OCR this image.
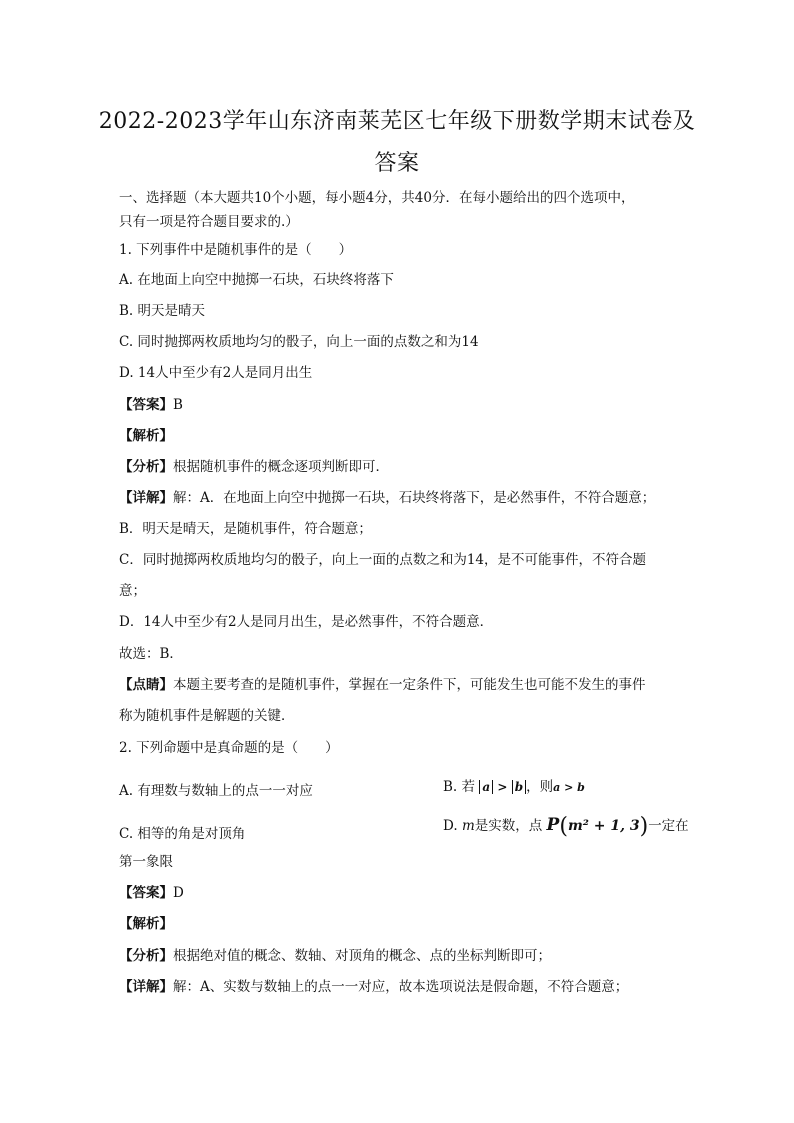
2022-2023学年山东济南莱芜区七年级下册数学期末试卷及
答案
一、选择题（本大题共10个小题，每小题4分，共40分．在每小题给出的四个选项中，
只有一项是符合题目要求的.）
1. 下列事件中是随机事件的是（　　）
A. 在地面上向空中抛掷一石块，石块终将落下
B. 明天是晴天
C. 同时抛掷两枚质地均匀的骰子，向上一面的点数之和为14
D. 14人中至少有2人是同月出生
【答案】B
【解析】
【分析】根据随机事件的概念逐项判断即可．
【详解】解：A．在地面上向空中抛掷一石块，石块终将落下，是必然事件，不符合题意；
B．明天是晴天，是随机事件，符合题意；
C．同时抛掷两枚质地均匀的骰子，向上一面的点数之和为14，是不可能事件，不符合题
意；
D．14人中至少有2人是同月出生，是必然事件，不符合题意．
故选：B．
【点睛】本题主要考查的是随机事件，掌握在一定条件下，可能发生也可能不发生的事件
称为随机事件是解题的关键．
2. 下列命题中是真命题的是（　　）
A. 有理数与数轴上的点一一对应	B. 若 a > b ，则a > b
C. 相等的角是对顶角	D. m是实数，点 P(m² + 1, 3)一定在
第一象限
【答案】D
【解析】
【分析】根据绝对值的概念、数轴、对顶角的概念、点的坐标判断即可；
【详解】解：A、实数与数轴上的点一一对应，故本选项说法是假命题，不符合题意；
